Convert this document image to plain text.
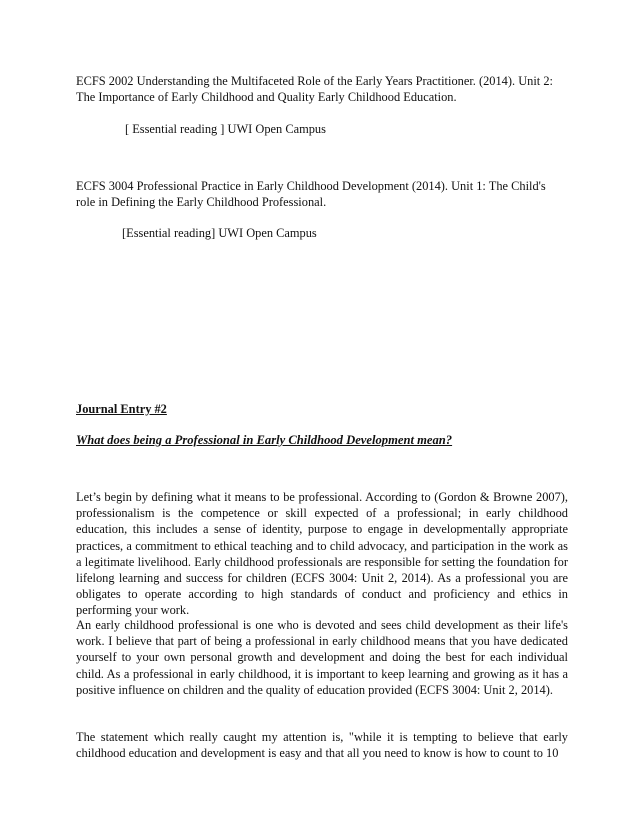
ECFS 2002 Understanding the Multifaceted Role of the Early Years Practitioner. (2014). Unit 2: The Importance of Early Childhood and Quality Early Childhood Education.

[ Essential reading ] UWI Open Campus

ECFS 3004 Professional Practice in Early Childhood Development (2014). Unit 1: The Child's role in Defining the Early Childhood Professional.

[Essential reading] UWI Open Campus

Journal Entry #2

What does being a Professional in Early Childhood Development mean?

Let’s begin by defining what it means to be professional. According to (Gordon & Browne 2007), professionalism is the competence or skill expected of a professional; in early childhood education, this includes a sense of identity, purpose to engage in developmentally appropriate practices, a commitment to ethical teaching and to child advocacy, and participation in the work as a legitimate livelihood. Early childhood professionals are responsible for setting the foundation for lifelong learning and success for children (ECFS 3004: Unit 2, 2014). As a professional you are obligates to operate according to high standards of conduct and proficiency and ethics in performing your work.

An early childhood professional is one who is devoted and sees child development as their life's work. I believe that part of being a professional in early childhood means that you have dedicated yourself to your own personal growth and development and doing the best for each individual child. As a professional in early childhood, it is important to keep learning and growing as it has a positive influence on children and the quality of education provided (ECFS 3004: Unit 2, 2014).

The statement which really caught my attention is, "while it is tempting to believe that early childhood education and development is easy and that all you need to know is how to count to 10
